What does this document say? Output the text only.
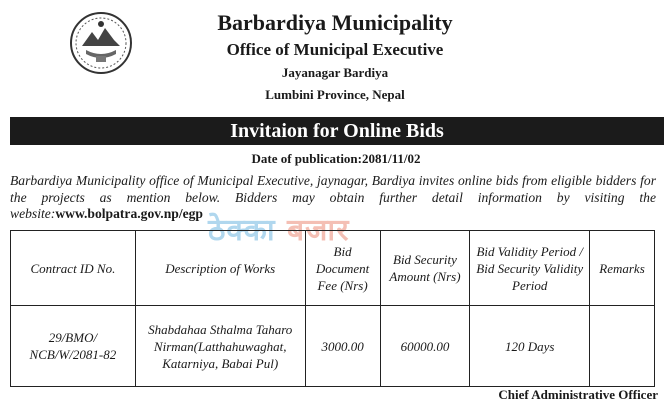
Barbardiya Municipality
Office of Municipal Executive
Jayanagar Bardiya
Lumbini Province, Nepal
Invitaion for Online Bids
Date of publication:2081/11/02
Barbardiya Municipality office of Municipal Executive, jaynagar, Bardiya invites online bids from eligible bidders for the projects as mention below. Bidders may obtain further detail information by visiting the website:www.bolpatra.gov.np/egp ठेक्का बजार
Contract ID No.	Description of Works	Bid Document Fee (Nrs)	Bid Security Amount (Nrs)	Bid Validity Period / Bid Security Validity Period	Remarks
29/BMO/ NCB/W/2081-82	Shabdahaa Sthalma Taharo Nirman(Latthahuwaghat, Katarniya, Babai Pul)	3000.00	60000.00	120 Days	
Chief Administrative Officer
